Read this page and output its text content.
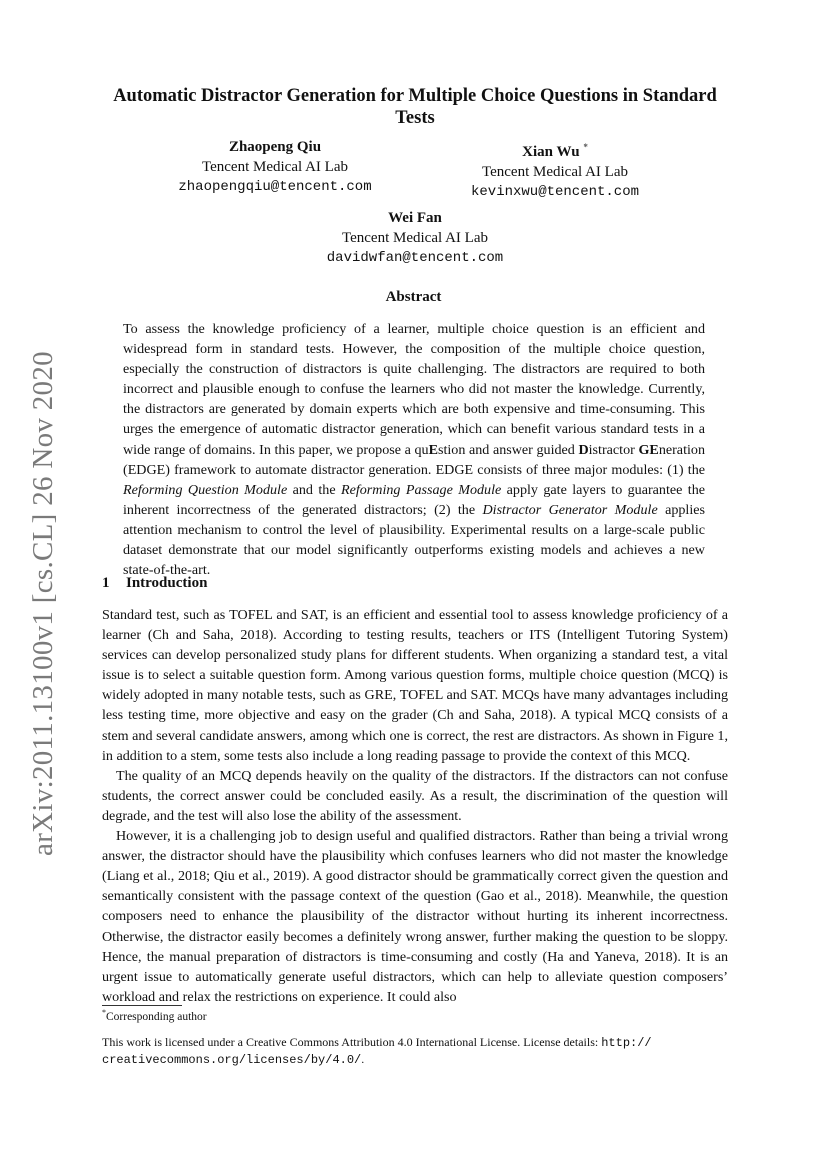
arXiv:2011.13100v1 [cs.CL] 26 Nov 2020
Automatic Distractor Generation for Multiple Choice Questions in Standard Tests
Zhaopeng Qiu
Tencent Medical AI Lab
zhaopengqiu@tencent.com
Xian Wu *
Tencent Medical AI Lab
kevinxwu@tencent.com
Wei Fan
Tencent Medical AI Lab
davidwfan@tencent.com
Abstract

To assess the knowledge proficiency of a learner, multiple choice question is an efficient and widespread form in standard tests. However, the composition of the multiple choice question, especially the construction of distractors is quite challenging. The distractors are required to both incorrect and plausible enough to confuse the learners who did not master the knowledge. Currently, the distractors are generated by domain experts which are both expensive and time-consuming. This urges the emergence of automatic distractor generation, which can benefit various standard tests in a wide range of domains. In this paper, we propose a quEstion and answer guided Distractor GEneration (EDGE) framework to automate distractor generation. EDGE consists of three major modules: (1) the Reforming Question Module and the Reforming Passage Module apply gate layers to guarantee the inherent incorrectness of the generated distractors; (2) the Distractor Generator Module applies attention mechanism to control the level of plausibility. Experimental results on a large-scale public dataset demonstrate that our model significantly outperforms existing models and achieves a new state-of-the-art.

1 Introduction

Standard test, such as TOFEL and SAT, is an efficient and essential tool to assess knowledge proficiency of a learner (Ch and Saha, 2018). According to testing results, teachers or ITS (Intelligent Tutoring System) services can develop personalized study plans for different students. When organizing a standard test, a vital issue is to select a suitable question form. Among various question forms, multiple choice question (MCQ) is widely adopted in many notable tests, such as GRE, TOFEL and SAT. MCQs have many advantages including less testing time, more objective and easy on the grader (Ch and Saha, 2018). A typical MCQ consists of a stem and several candidate answers, among which one is correct, the rest are distractors. As shown in Figure 1, in addition to a stem, some tests also include a long reading passage to provide the context of this MCQ.

The quality of an MCQ depends heavily on the quality of the distractors. If the distractors can not confuse students, the correct answer could be concluded easily. As a result, the discrimination of the question will degrade, and the test will also lose the ability of the assessment.

However, it is a challenging job to design useful and qualified distractors. Rather than being a trivial wrong answer, the distractor should have the plausibility which confuses learners who did not master the knowledge (Liang et al., 2018; Qiu et al., 2019). A good distractor should be grammatically correct given the question and semantically consistent with the passage context of the question (Gao et al., 2018). Meanwhile, the question composers need to enhance the plausibility of the distractor without hurting its inherent incorrectness. Otherwise, the distractor easily becomes a definitely wrong answer, further making the question to be sloppy. Hence, the manual preparation of distractors is time-consuming and costly (Ha and Yaneva, 2018). It is an urgent issue to automatically generate useful distractors, which can help to alleviate question composers’ workload and relax the restrictions on experience. It could also

*Corresponding author
This work is licensed under a Creative Commons Attribution 4.0 International License. License details: http://
creativecommons.org/licenses/by/4.0/.
